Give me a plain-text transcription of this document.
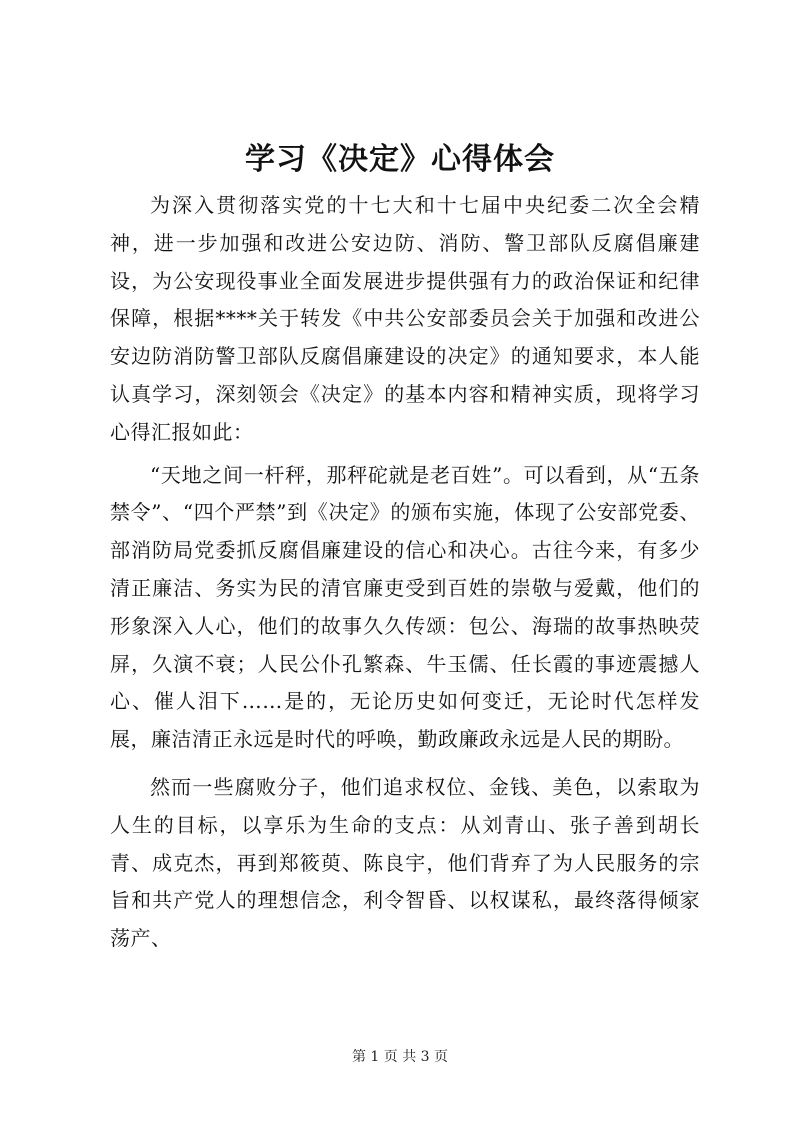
学习《决定》心得体会

为深入贯彻落实党的十七大和十七届中央纪委二次全会精神，进一步加强和改进公安边防、消防、警卫部队反腐倡廉建设，为公安现役事业全面发展进步提供强有力的政治保证和纪律保障，根据****关于转发《中共公安部委员会关于加强和改进公安边防消防警卫部队反腐倡廉建设的决定》的通知要求，本人能认真学习，深刻领会《决定》的基本内容和精神实质，现将学习心得汇报如此：

“天地之间一杆秤，那秤砣就是老百姓”。可以看到，从“五条禁令”、“四个严禁”到《决定》的颁布实施，体现了公安部党委、部消防局党委抓反腐倡廉建设的信心和决心。古往今来，有多少清正廉洁、务实为民的清官廉吏受到百姓的崇敬与爱戴，他们的形象深入人心，他们的故事久久传颂：包公、海瑞的故事热映荧屏，久演不衰；人民公仆孔繁森、牛玉儒、任长霞的事迹震撼人心、催人泪下……是的，无论历史如何变迁，无论时代怎样发展，廉洁清正永远是时代的呼唤，勤政廉政永远是人民的期盼。

然而一些腐败分子，他们追求权位、金钱、美色，以索取为人生的目标，以享乐为生命的支点：从刘青山、张子善到胡长青、成克杰，再到郑筱萸、陈良宇，他们背弃了为人民服务的宗旨和共产党人的理想信念，利令智昏、以权谋私，最终落得倾家荡产、

第 1 页 共 3 页
